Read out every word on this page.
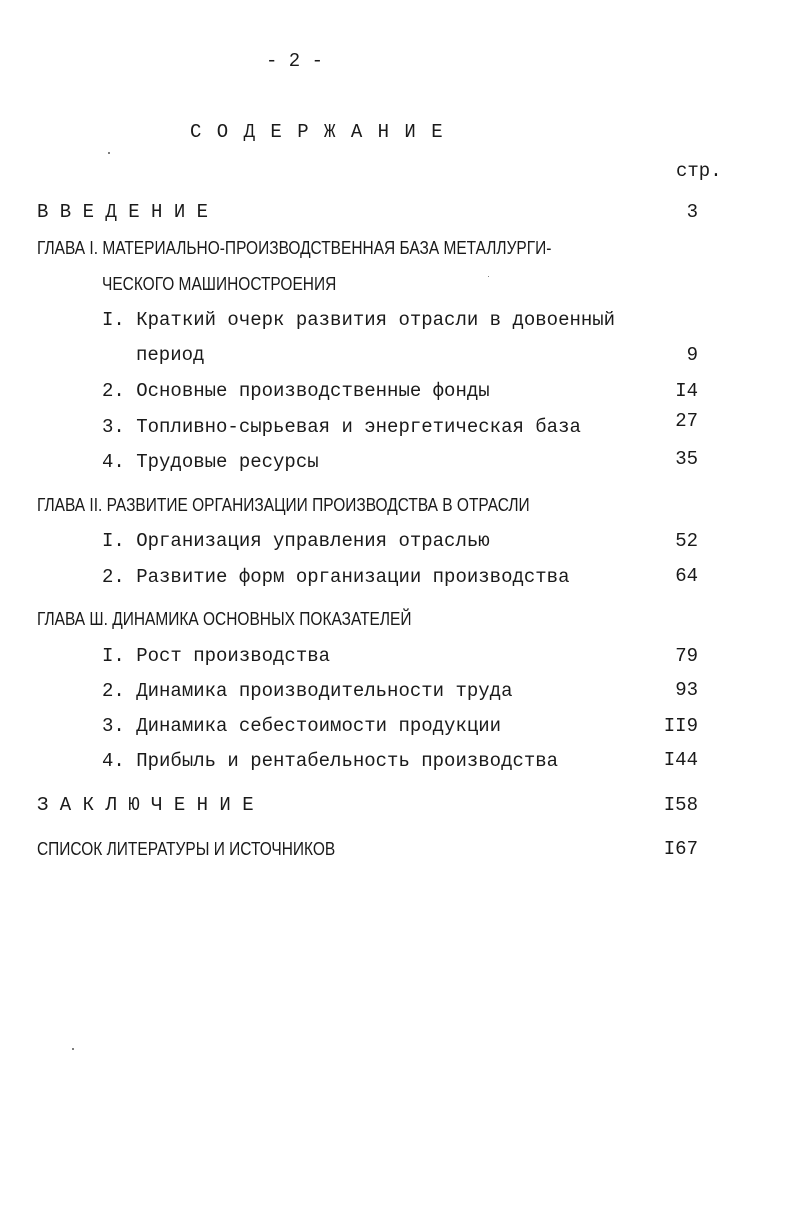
- 2 -
С О Д Е Р Ж А Н И Е
стр.
В В Е Д Е Н И Е	3
ГЛАВА I. МАТЕРИАЛЬНО-ПРОИЗВОДСТВЕННАЯ БАЗА МЕТАЛЛУРГИ-
ЧЕСКОГО МАШИНОСТРОЕНИЯ
I. Краткий очерк развития отрасли в довоенный
период	9
2. Основные производственные фонды	I4
3. Топливно-сырьевая и энергетическая база	27
4. Трудовые ресурсы	35
ГЛАВА II. РАЗВИТИЕ ОРГАНИЗАЦИИ ПРОИЗВОДСТВА В ОТРАСЛИ
I. Организация управления отраслью	52
2. Развитие форм организации производства	64
ГЛАВА Ш. ДИНАМИКА ОСНОВНЫХ ПОКАЗАТЕЛЕЙ
I. Рост производства	79
2. Динамика производительности труда	93
3. Динамика себестоимости продукции	II9
4. Прибыль и рентабельность производства	I44
З А К Л Ю Ч Е Н И Е	I58
СПИСОК ЛИТЕРАТУРЫ И ИСТОЧНИКОВ	I67
